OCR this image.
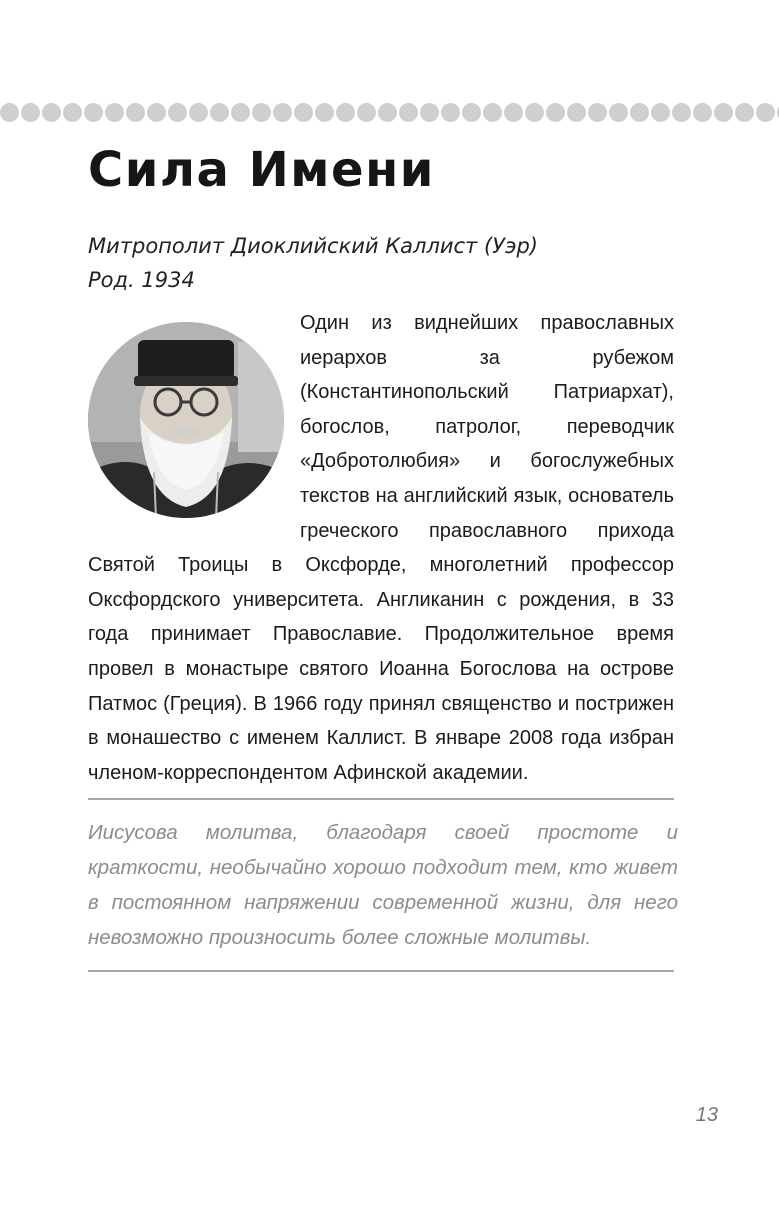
Сила Имени
Митрополит Диоклийский Каллист (Уэр)
Род. 1934
Один из виднейших православных иерархов за рубежом (Константинопольский Патриархат), богослов, патролог, переводчик «Добротолюбия» и богослужебных текстов на английский язык, основатель греческого православного прихода Святой Троицы в Оксфорде, многолетний профессор Оксфордского университета. Англиканин с рождения, в 33 года принимает Православие. Продолжительное время провел в монастыре святого Иоанна Богослова на острове Патмос (Греция). В 1966 году принял священство и пострижен в монашество с именем Каллист. В январе 2008 года избран членом-корреспондентом Афинской академии.

Иисусова молитва, благодаря своей простоте и краткости, необычайно хорошо подходит тем, кто живет в постоянном напряжении современной жизни, для него невозможно произносить более сложные молитвы.

13
